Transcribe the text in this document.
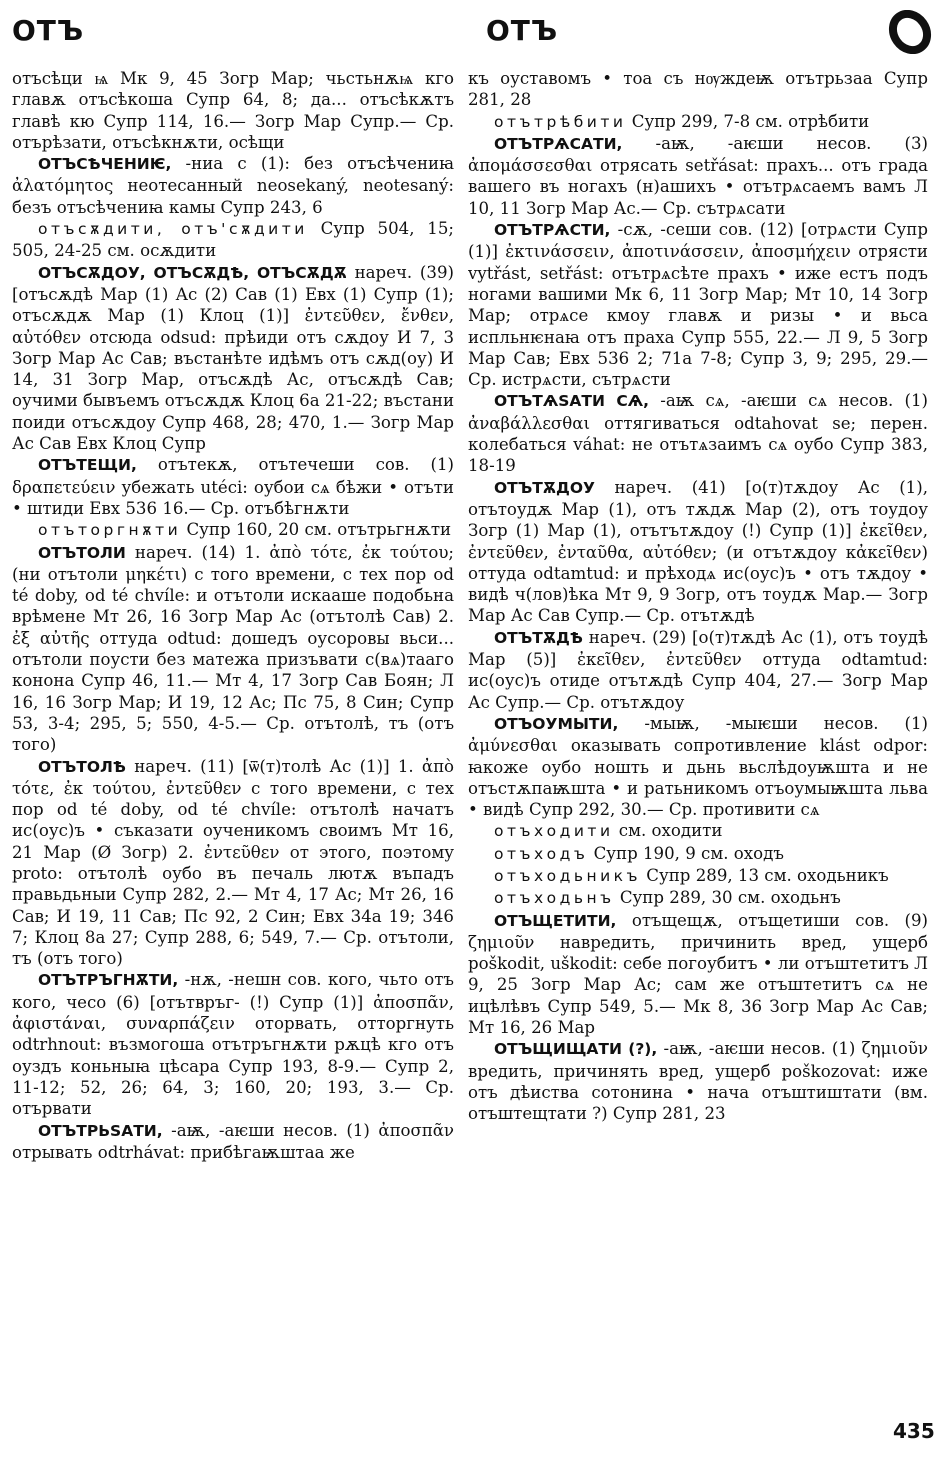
ОТЪ	ОТЪ

отъсѣци ѩ Мк 9, 45 Зогр Мар; чьстьнѫѩ кго главѫ отъсѣкоша Супр 64, 8; да... отъсѣкѫтъ главѣ кю Супр 114, 16.— Зогр Мар Супр.— Ср. отърѣзати, отъсѣкнѫти, осѣщи

ОТЪСѢЧЕНИѤ, -ниа с (1): без отъсѣчениꙗ ἀλατόμητος неотесанный neosekaný, neotesaný: безъ отъсѣчениꙗ камы Супр 243, 6

отъсѫдити, отъ'сѫдити Супр 504, 15; 505, 24-25 см. осѫдити

ОТЪСѪДОУ, ОТЪСѪДѢ, ОТЪСѪДѪ нареч. (39) [отъсѫдѣ Мар (1) Ас (2) Сав (1) Евх (1) Супр (1); отъсѫдѫ Мар (1) Клоц (1)] ἐντεῦθεν, ἔνθεν, αὐτόθεν отсюда odsud: прѣиди отъ сѫдоу И 7, 3 Зогр Мар Ас Сав; въстанѣте идѣмъ отъ сѫд(оу) И 14, 31 Зогр Мар, отъсѫдѣ Ас, отъсѫдѣ Сав; оучими бывъемъ отъсѫдѫ Клоц 6а 21-22; въстани поиди отъсѫдоу Супр 468, 28; 470, 1.— Зогр Мар Ас Сав Евх Клоц Супр

ОТЪТЕЩИ, отътекѫ, отътечеши сов. (1) δραπετεύειν убежать utéci: оубои сѧ бѣжи • отъти • штиди Евх 536 16.— Ср. отъбѣгнѫти

отъторгнѫти Супр 160, 20 см. отътрьгнѫти

ОТЪТОЛИ нареч. (14) 1. ἀπὸ τότε, ἐκ τούτου; (ни отътоли μηκέτι) с того времени, с тех пор od té doby, od té chvíle: и отътоли искааше подобьна врѣмене Мт 26, 16 Зогр Мар Ас (отътолѣ Сав) 2. ἐξ αὐτῆς оттуда odtud: дошедъ оусоровы вьси... отътоли поусти без матежа призъвати с(вѧ)тааго конона Супр 46, 11.— Мт 4, 17 Зогр Сав Боян; Л 16, 16 Зогр Мар; И 19, 12 Ас; Пс 75, 8 Син; Супр 53, 3-4; 295, 5; 550, 4-5.— Ср. отътолѣ, тъ (отъ того)

ОТЪТОЛѢ нареч. (11) [ѿ(т)толѣ Ас (1)] 1. ἀπὸ τότε, ἐκ τούτου, ἐντεῦθεν с того времени, с тех пор od té doby, od té chvíle: отътолѣ начатъ ис(оус)ъ • съказати оученикомъ своимъ Мт 16, 21 Мар (Ø Зогр) 2. ἐντεῦθεν от этого, поэтому proto: отътолѣ оубо въ печаль лютѫ въпадъ правьдьныи Супр 282, 2.— Мт 4, 17 Ас; Мт 26, 16 Сав; И 19, 11 Сав; Пс 92, 2 Син; Евх 34а 19; 346 7; Клоц 8а 27; Супр 288, 6; 549, 7.— Ср. отътоли, тъ (отъ того)

ОТЪТРЪГНѪТИ, -нѫ, -нешн сов. кого, чьто отъ кого, чесо (6) [отътвръг- (!) Супр (1)] ἀποσπᾶν, ἀφιστάναι, συναρπάζειν оторвать, отторгнуть odtrhnout: възмогоша отътръгнѫти рѫцѣ кго отъ оуздъ коньныꙗ цѣсара Супр 193, 8-9.— Супр 2, 11-12; 52, 26; 64, 3; 160, 20; 193, 3.— Ср. отървати

ОТЪТРЬЅАТИ, -аѭ, -аѥши несов. (1) ἀποσπᾶν отрывать odtrhávat: прибѣгаѭштаа же

къ оуставомъ • тоа съ нѹждеѭ отътрьзаа Супр 281, 28

отътрѣбити Супр 299, 7-8 см. отрѣбити

ОТЪТРѦСАТИ, -аѭ, -аѥши несов. (3) ἀπομάσσεσθαι отрясать setřásat: прахъ... отъ града вашего въ ногахъ (н)ашихъ • отътрѧсаемъ вамъ Л 10, 11 Зогр Мар Ас.— Ср. сътрѧсати

ОТЪТРѦСТИ, -сѫ, -сеши сов. (12) [отрѧсти Супр (1)] ἐκτινάσσειν, ἀποτινάσσειν, ἀποσμήχειν отрясти vytřást, setřást: отътрѧсѣте прахъ • иже естъ подъ ногами вашими Мк 6, 11 Зогр Мар; Мт 10, 14 Зогр Мар; отрѧсе кмоу главѫ и ризы • и вьса испльнѥнаꙗ отъ праха Супр 555, 22.— Л 9, 5 Зогр Мар Сав; Евх 536 2; 71а 7-8; Супр 3, 9; 295, 29.— Ср. истрѧсти, сътрѧсти

ОТЪТѦЅАТИ СѦ, -аѭ сѧ, -аѥши сѧ несов. (1) ἀναβάλλεσθαι оттягиваться odtahovat se; перен. колебаться váhat: не отътѧзаимъ сѧ оубо Супр 383, 18-19

ОТЪТѪДОУ нареч. (41) [о(т)тѫдоу Ас (1), отътоудѫ Мар (1), отъ тѫдѫ Мар (2), отъ тоудоу Зогр (1) Мар (1), отътътѫдоу (!) Супр (1)] ἐκεῖθεν, ἐντεῦθεν, ἐνταῦθα, αὐτόθεν; (и отътѫдоу κἀκεῖθεν) оттуда odtamtud: и прѣходѧ ис(оус)ъ • отъ тѫдоу • видѣ ч(лов)ѣка Мт 9, 9 Зогр, отъ тоудѫ Мар.— Зогр Мар Ас Сав Супр.— Ср. отътѫдѣ

ОТЪТѪДѢ нареч. (29) [о(т)тѫдѣ Ас (1), отъ тоудѣ Мар (5)] ἐκεῖθεν, ἐντεῦθεν оттуда odtamtud: ис(оус)ъ отиде отътѫдѣ Супр 404, 27.— Зогр Мар Ас Супр.— Ср. отътѫдоу

ОТЪОУМЫТИ, -мыѭ, -мыѥши несов. (1) ἀμύνεσθαι оказывать сопротивление klást odpor: ꙗкоже оубо ношть и дьнь вьслѣдоуѭшта и не отъстѫпаѭшта • и ратьникомъ отъоумыѭшта льва • видѣ Супр 292, 30.— Ср. противити сѧ

отъходити см. оходити

отъходъ Супр 190, 9 см. оходъ

отъходьникъ Супр 289, 13 см. оходьникъ

отъходьнъ Супр 289, 30 см. оходьнъ

ОТЪЩЕТИТИ, отъщещѫ, отъщетиши сов. (9) ζημιοῦν навредить, причинить вред, ущерб poškodit, uškodit: себе погоубитъ • ли отъштетитъ Л 9, 25 Зогр Мар Ас; сам же отъштетитъ сѧ не ицѣлѣвъ Супр 549, 5.— Мк 8, 36 Зогр Мар Ас Сав; Мт 16, 26 Мар

ОТЪЩИЩАТИ (?), -аѭ, -аѥши несов. (1) ζημιοῦν вредить, причинять вред, ущерб poškozovat: иже отъ дѣиства сотонина • нача отъштиштати (вм. отъштещтати ?) Супр 281, 23

435
